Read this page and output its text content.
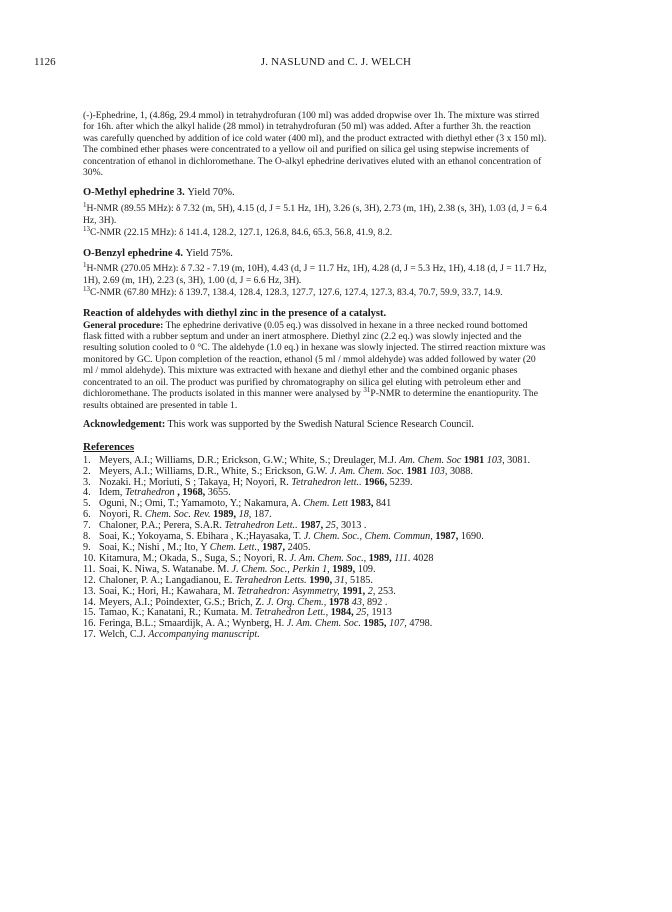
1126	J. NASLUND and C. J. WELCH

(-)-Ephedrine, 1, (4.86g, 29.4 mmol) in tetrahydrofuran (100 ml) was added dropwise over 1h. The mixture was stirred for 16h. after which the alkyl halide (28 mmol) in tetrahydrofuran (50 ml) was added. After a further 3h. the reaction was carefully quenched by addition of ice cold water (400 ml), and the product extracted with diethyl ether (3 x 150 ml). The combined ether phases were concentrated to a yellow oil and purified on silica gel using stepwise increments of concentration of ethanol in dichloromethane. The O-alkyl ephedrine derivatives eluted with an ethanol concentration of 30%.

O-Methyl ephedrine 3. Yield 70%.

$^1$H-NMR (89.55 MHz): δ 7.32 (m, 5H), 4.15 (d, J = 5.1 Hz, 1H), 3.26 (s, 3H), 2.73 (m, 1H), 2.38 (s, 3H), 1.03 (d, J = 6.4 Hz, 3H).

$^{13}$C-NMR (22.15 MHz): δ 141.4, 128.2, 127.1, 126.8, 84.6, 65.3, 56.8, 41.9, 8.2.

O-Benzyl ephedrine 4. Yield 75%.

$^1$H-NMR (270.05 MHz): δ 7.32 - 7.19 (m, 10H), 4.43 (d, J = 11.7 Hz, 1H), 4.28 (d, J = 5.3 Hz, 1H), 4.18 (d, J = 11.7 Hz, 1H), 2.69 (m, 1H), 2.23 (s, 3H), 1.00 (d, J = 6.6 Hz, 3H).

$^{13}$C-NMR (67.80 MHz): δ 139.7, 138.4, 128.4, 128.3, 127.7, 127.6, 127.4, 127.3, 83.4, 70.7, 59.9, 33.7, 14.9.

Reaction of aldehydes with diethyl zinc in the presence of a catalyst.

General procedure: The ephedrine derivative (0.05 eq.) was dissolved in hexane in a three necked round bottomed flask fitted with a rubber septum and under an inert atmosphere. Diethyl zinc (2.2 eq.) was slowly injected and the resulting solution cooled to 0 °C. The aldehyde (1.0 eq.) in hexane was slowly injected. The stirred reaction mixture was monitored by GC. Upon completion of the reaction, ethanol (5 ml / mmol aldehyde) was added followed by water (20 ml / mmol aldehyde). This mixture was extracted with hexane and diethyl ether and the combined organic phases concentrated to an oil. The product was purified by chromatography on silica gel eluting with petroleum ether and dichloromethane. The products isolated in this manner were analysed by $^{31}$P-NMR to determine the enantiopurity. The results obtained are presented in table 1.

Acknowledgement: This work was supported by the Swedish Natural Science Research Council.

References

1. Meyers, A.I.; Williams, D.R.; Erickson, G.W.; White, S.; Dreulager, M.J. Am. Chem. Soc 1981 103, 3081.
2. Meyers, A.I.; Williams, D.R., White, S.; Erickson, G.W. J. Am. Chem. Soc. 1981 103, 3088.
3. Nozaki. H.; Moriuti, S ; Takaya, H; Noyori, R. Tetrahedron lett.. 1966, 5239.
4. Idem, Tetrahedron , 1968, 3655.
5. Oguni, N.; Omi, T.; Yamamoto, Y.; Nakamura, A. Chem. Lett 1983, 841
6. Noyori, R. Chem. Soc. Rev. 1989, 18, 187.
7. Chaloner, P.A.; Perera, S.A.R. Tetrahedron Lett.. 1987, 25, 3013 .
8. Soai, K.; Yokoyama, S. Ebihara , K.;Hayasaka, T. J. Chem. Soc., Chem. Commun, 1987, 1690.
9. Soai, K.; Nishi , M.; Ito, Y Chem. Lett., 1987, 2405.
10. Kitamura, M.; Okada, S., Suga, S.; Noyori, R. J. Am. Chem. Soc., 1989, 111. 4028
11. Soai, K. Niwa, S. Watanabe. M. J. Chem. Soc., Perkin 1, 1989, 109.
12. Chaloner, P. A.; Langadianou, E. Terahedron Letts. 1990, 31, 5185.
13. Soai, K.; Hori, H.; Kawahara, M. Tetrahedron: Asymmetry, 1991, 2, 253.
14. Meyers, A.I.; Poindexter, G.S.; Brich, Z. J. Org. Chem., 1978 43, 892 .
15. Tamao, K.; Kanatani, R.; Kumata. M. Tetrahedron Lett., 1984, 25, 1913
16. Feringa, B.L.; Smaardijk, A. A.; Wynberg, H. J. Am. Chem. Soc. 1985, 107, 4798.
17. Welch, C.J. Accompanying manuscript.
